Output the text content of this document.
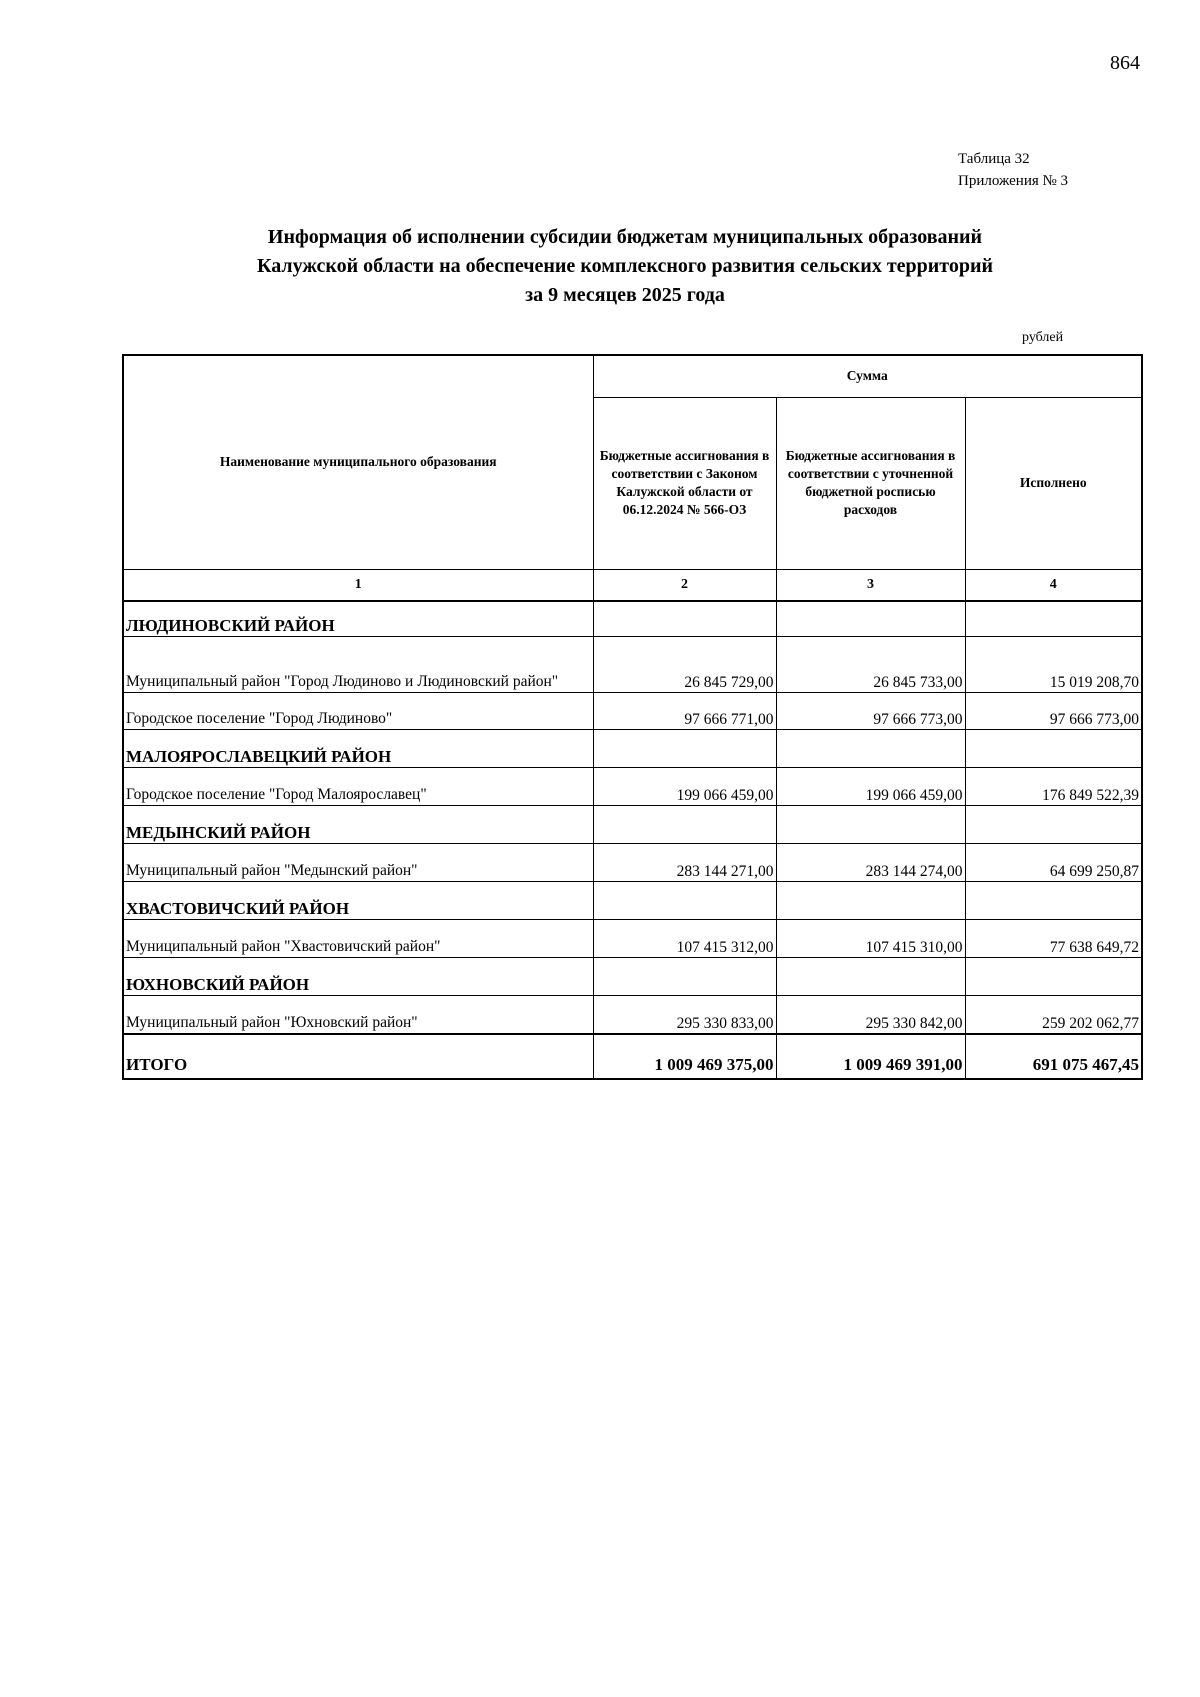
864
Таблица 32
Приложения № 3
Информация об исполнении субсидии бюджетам муниципальных образований
Калужской области на обеспечение комплексного развития сельских территорий
за 9 месяцев 2025 года
рублей
Наименование муниципального образования	Сумма		
	Бюджетные ассигнования в соответствии с Законом Калужской области от 06.12.2024 № 566-ОЗ	Бюджетные ассигнования в соответствии с уточненной бюджетной росписью расходов	Исполнено
1	2	3	4
ЛЮДИНОВСКИЙ РАЙОН			
Муниципальный район "Город Людиново и Людиновский район"	26 845 729,00	26 845 733,00	15 019 208,70
Городское поселение "Город Людиново"	97 666 771,00	97 666 773,00	97 666 773,00
МАЛОЯРОСЛАВЕЦКИЙ РАЙОН			
Городское поселение "Город Малоярославец"	199 066 459,00	199 066 459,00	176 849 522,39
МЕДЫНСКИЙ РАЙОН			
Муниципальный район "Медынский район"	283 144 271,00	283 144 274,00	64 699 250,87
ХВАСТОВИЧСКИЙ РАЙОН			
Муниципальный район "Хвастовичский район"	107 415 312,00	107 415 310,00	77 638 649,72
ЮХНОВСКИЙ РАЙОН			
Муниципальный район "Юхновский район"	295 330 833,00	295 330 842,00	259 202 062,77
ИТОГО	1 009 469 375,00	1 009 469 391,00	691 075 467,45
